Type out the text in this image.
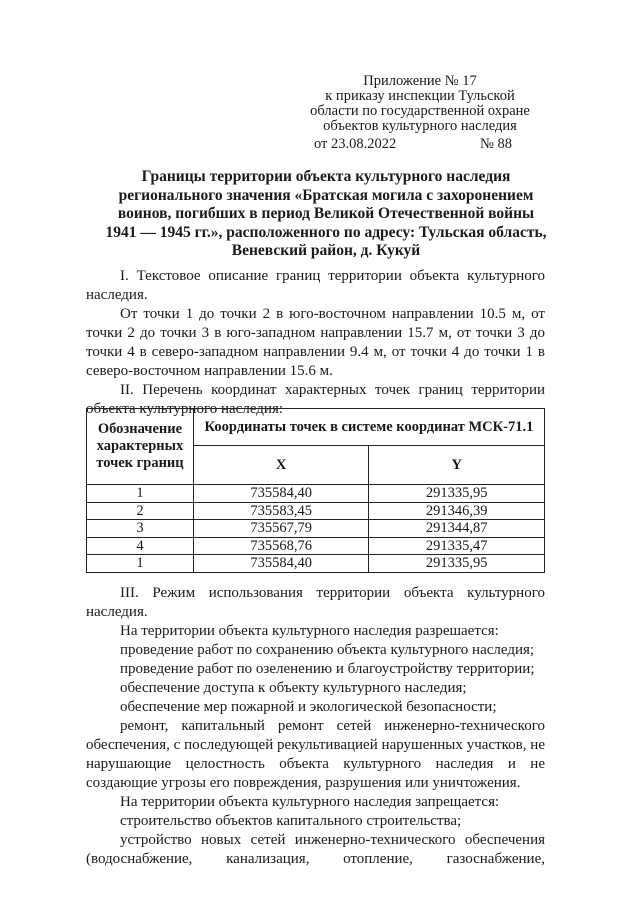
Приложение № 17
к приказу инспекции Тульской
области по государственной охране
объектов культурного наследия
от 23.08.2022	№ 88
Границы территории объекта культурного наследия
регионального значения «Братская могила с захоронением
воинов, погибших в период Великой Отечественной войны
1941 — 1945 гг.», расположенного по адресу: Тульская область,
Веневский район, д. Кукуй

I. Текстовое описание границ территории объекта культурного наследия.

От точки 1 до точки 2 в юго-восточном направлении 10.5 м, от точки 2 до точки 3 в юго-западном направлении 15.7 м, от точки 3 до точки 4 в северо-западном направлении 9.4 м, от точки 4 до точки 1 в северо-восточном направлении 15.6 м.

II. Перечень координат характерных точек границ территории объекта культурного наследия:

Обозначение характерных точек границ	Координаты точек в системе координат МСК-71.1	
	X	Y
1	735584,40	291335,95
2	735583,45	291346,39
3	735567,79	291344,87
4	735568,76	291335,47
1	735584,40	291335,95

III. Режим использования территории объекта культурного наследия.

На территории объекта культурного наследия разрешается:

проведение работ по сохранению объекта культурного наследия;

проведение работ по озеленению и благоустройству территории;

обеспечение доступа к объекту культурного наследия;

обеспечение мер пожарной и экологической безопасности;

ремонт, капитальный ремонт сетей инженерно-технического обеспечения, с последующей рекультивацией нарушенных участков, не нарушающие целостность объекта культурного наследия и не создающие угрозы его повреждения, разрушения или уничтожения.

На территории объекта культурного наследия запрещается:

строительство объектов капитального строительства;

устройство новых сетей инженерно-технического обеспечения (водоснабжение, канализация, отопление, газоснабжение,
